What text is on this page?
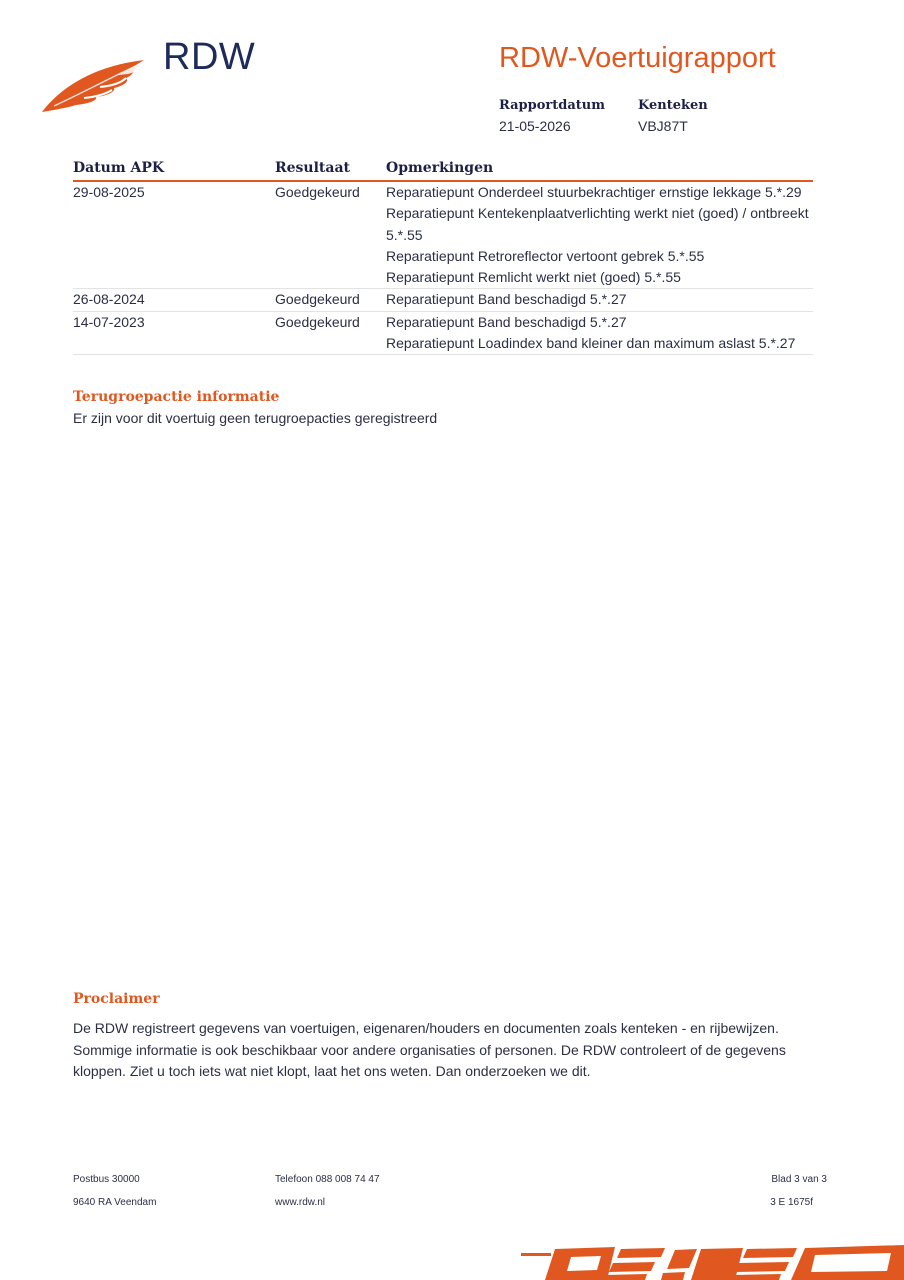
RDW	RDW-Voertuigrapport
Rapportdatum
21-05-2026
Kenteken
VBJ87T
Datum APK	Resultaat	Opmerkingen
29-08-2025	Goedgekeurd Reparatiepunt Onderdeel stuurbekrachtiger ernstige lekkage 5.*.29
Reparatiepunt Kentekenplaatverlichting werkt niet (goed) / ontbreekt 5.*.55
Reparatiepunt Retroreflector vertoont gebrek 5.*.55
Reparatiepunt Remlicht werkt niet (goed) 5.*.55
26-08-2024	Goedgekeurd Reparatiepunt Band beschadigd 5.*.27
14-07-2023	Goedgekeurd Reparatiepunt Band beschadigd 5.*.27
Reparatiepunt Loadindex band kleiner dan maximum aslast 5.*.27
Terugroepactie informatie
Er zijn voor dit voertuig geen terugroepacties geregistreerd
Proclaimer
De RDW registreert gegevens van voertuigen, eigenaren/houders en documenten zoals kenteken - en rijbewijzen. Sommige informatie is ook beschikbaar voor andere organisaties of personen. De RDW controleert of de gegevens kloppen. Ziet u toch iets wat niet klopt, laat het ons weten. Dan onderzoeken we dit.
Postbus 30000
9640 RA Veendam
Telefoon 088 008 74 47
www.rdw.nl
Blad 3 van 3
3 E 1675f
